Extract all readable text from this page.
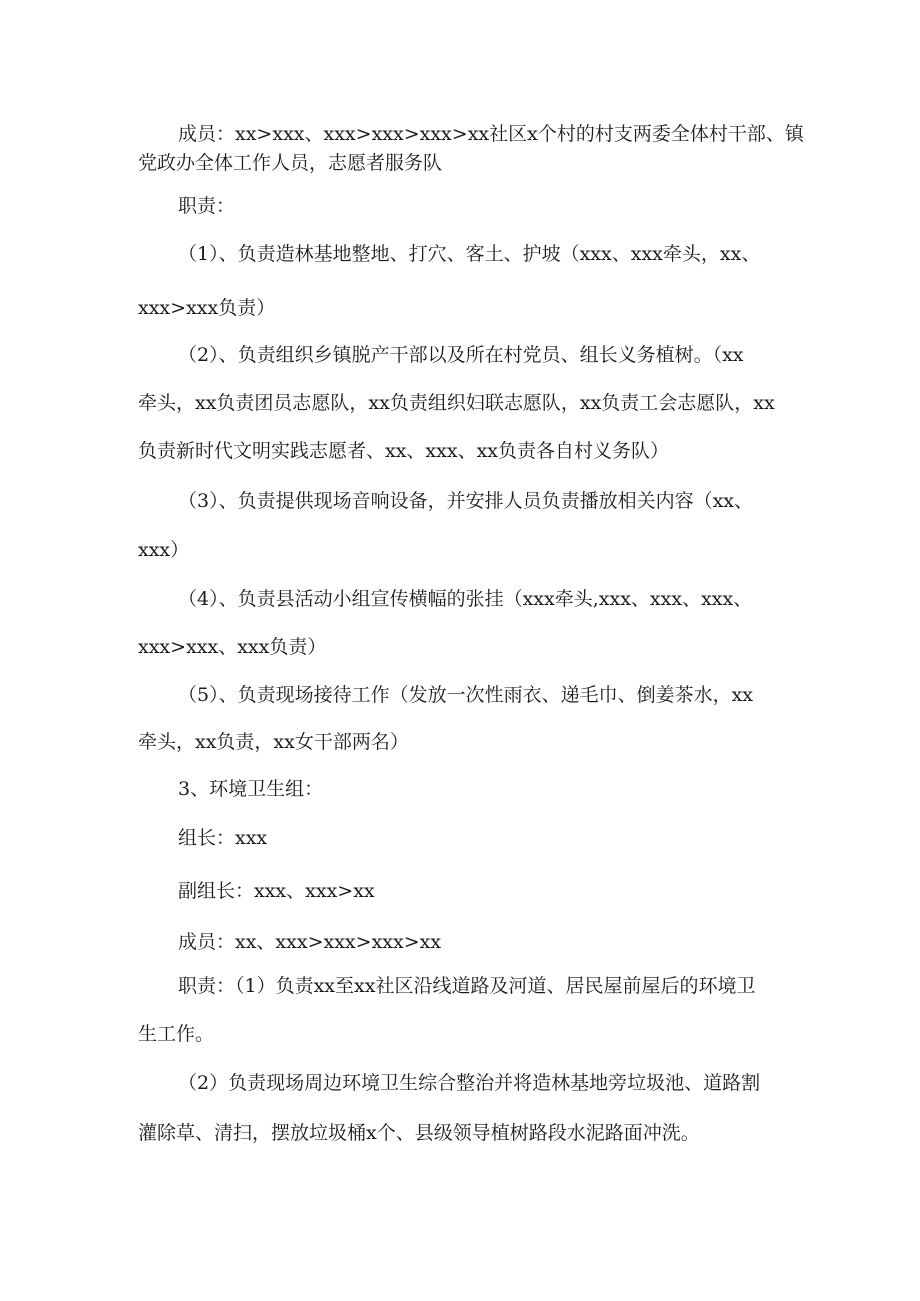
成员：xx>xxx、xxx>xxx>xxx>xx社区x个村的村支两委全体村干部、镇

党政办全体工作人员，志愿者服务队

职责：

（1）、负责造林基地整地、打穴、客土、护坡（xxx、xxx牵头，xx、

xxx>xxx负责）

（2）、负责组织乡镇脱产干部以及所在村党员、组长义务植树。（xx

牵头，xx负责团员志愿队，xx负责组织妇联志愿队，xx负责工会志愿队，xx

负责新时代文明实践志愿者、xx、xxx、xx负责各自村义务队）

（3）、负责提供现场音响设备，并安排人员负责播放相关内容（xx、

xxx）

（4）、负责县活动小组宣传横幅的张挂（xxx牵头,xxx、xxx、xxx、

xxx>xxx、xxx负责）

（5）、负责现场接待工作（发放一次性雨衣、递毛巾、倒姜茶水，xx

牵头，xx负责，xx女干部两名）

3、环境卫生组：

组长：xxx

副组长：xxx、xxx>xx

成员：xx、xxx>xxx>xxx>xx

职责：（1）负责xx至xx社区沿线道路及河道、居民屋前屋后的环境卫

生工作。

（2）负责现场周边环境卫生综合整治并将造林基地旁垃圾池、道路割

灌除草、清扫，摆放垃圾桶x个、县级领导植树路段水泥路面冲洗。
